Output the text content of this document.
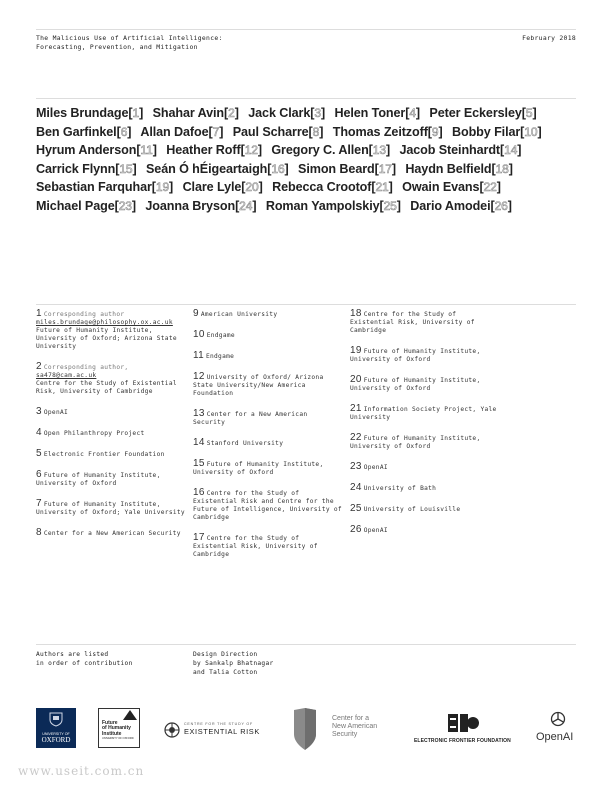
The Malicious Use of Artificial Intelligence:
Forecasting, Prevention, and Mitigation
February 2018
Miles Brundage[1] Shahar Avin[2] Jack Clark[3] Helen Toner[4] Peter Eckersley[5] Ben Garfinkel[6] Allan Dafoe[7] Paul Scharre[8] Thomas Zeitzoff[9] Bobby Filar[10] Hyrum Anderson[11] Heather Roff[12] Gregory C. Allen[13] Jacob Steinhardt[14] Carrick Flynn[15] Seán Ó hÉigeartaigh[16] Simon Beard[17] Haydn Belfield[18] Sebastian Farquhar[19] Clare Lyle[20] Rebecca Crootof[21] Owain Evans[22] Michael Page[23] Joanna Bryson[24] Roman Yampolskiy[25] Dario Amodei[26]
1 Corresponding author
miles.brundage@philosophy.ox.ac.uk
Future of Humanity Institute, University of Oxford; Arizona State University
2 Corresponding author,
sa478@cam.ac.uk
Centre for the Study of Existential Risk, University of Cambridge
3 OpenAI
4 Open Philanthropy Project
5 Electronic Frontier Foundation
6 Future of Humanity Institute, University of Oxford
7 Future of Humanity Institute, University of Oxford; Yale University
8 Center for a New American Security
9 American University
10 Endgame
11 Endgame
12 University of Oxford/ Arizona State University/New America Foundation
13 Center for a New American Security
14 Stanford University
15 Future of Humanity Institute, University of Oxford
16 Centre for the Study of Existential Risk and Centre for the Future of Intelligence, University of Cambridge
17 Centre for the Study of Existential Risk, University of Cambridge
18 Centre for the Study of Existential Risk, University of Cambridge
19 Future of Humanity Institute, University of Oxford
20 Future of Humanity Institute, University of Oxford
21 Information Society Project, Yale University
22 Future of Humanity Institute, University of Oxford
23 OpenAI
24 University of Bath
25 University of Louisville
26 OpenAI
Authors are listed
in order of contribution
Design Direction
by Sankalp Bhatnagar
and Talia Cotton
UNIVERSITY OF
OXFORD
Future
of Humanity
Institute
UNIVERSITY OF OXFORD
CENTRE FOR THE STUDY OF
EXISTENTIAL RISK
Center for a
New American
Security
ELECTRONIC FRONTIER FOUNDATION OpenAI
www.useit.com.cn
